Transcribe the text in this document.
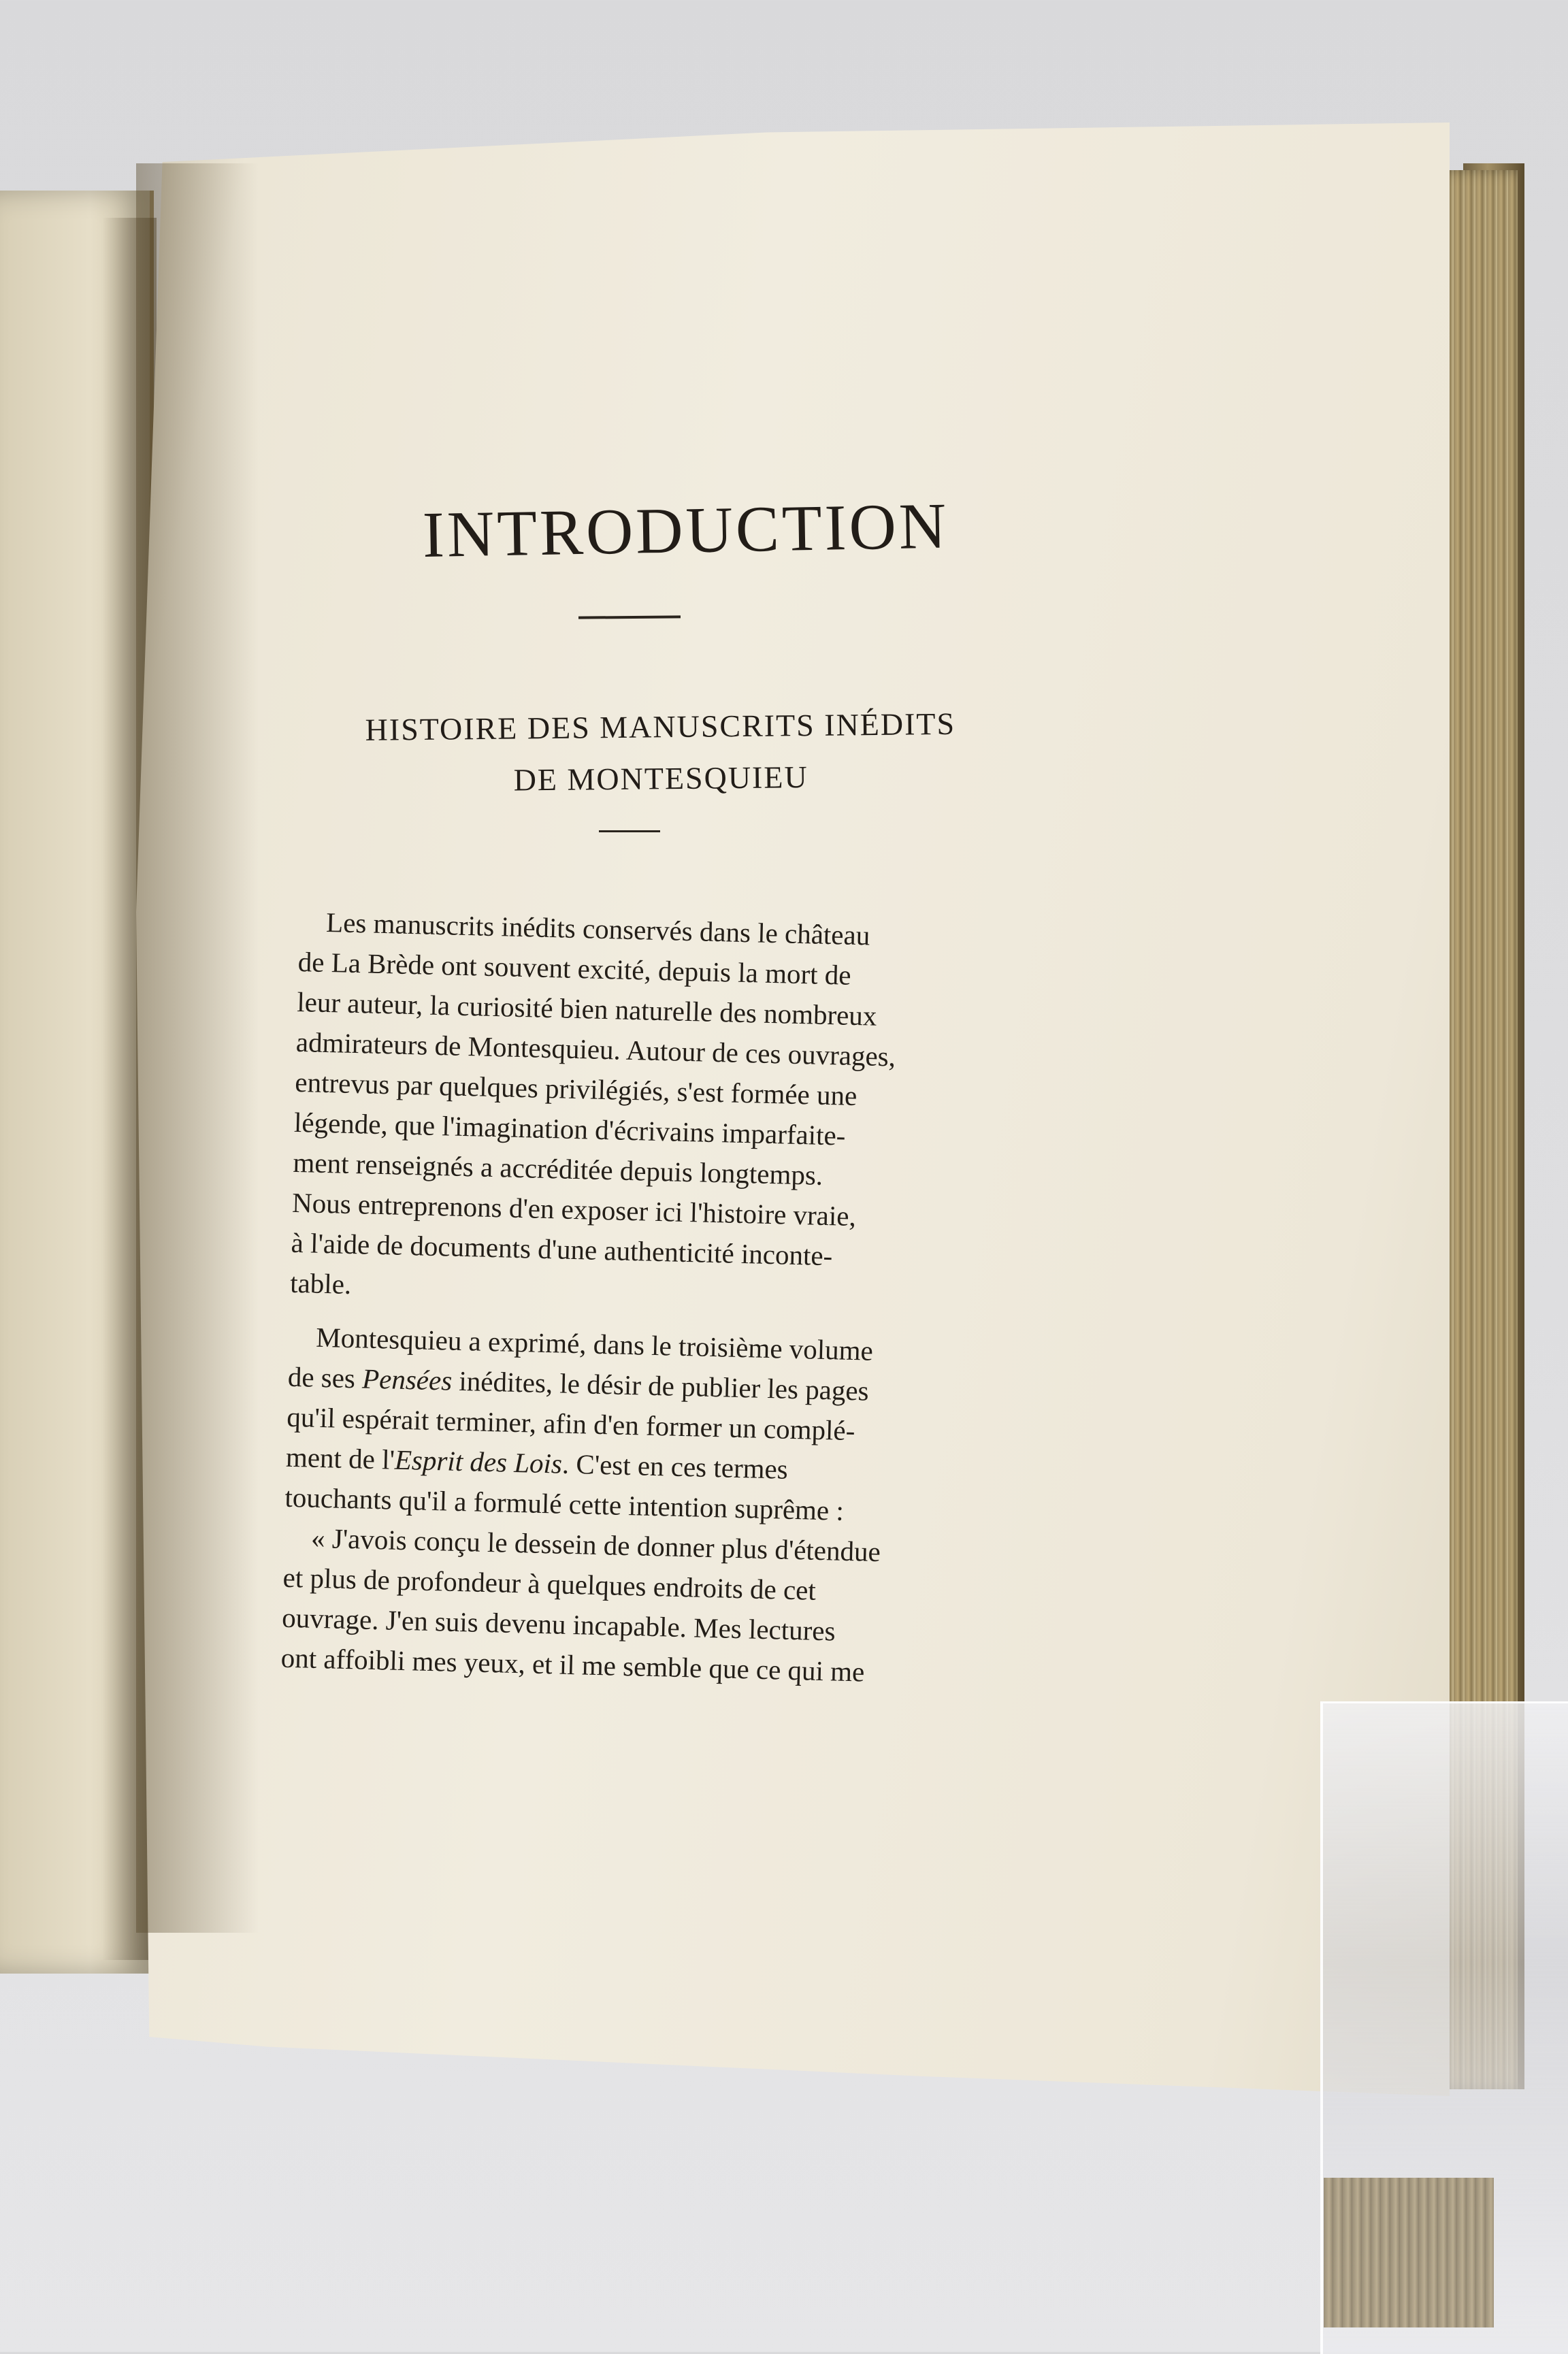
INTRODUCTION
HISTOIRE DES MANUSCRITS INÉDITS
DE MONTESQUIEU

Les manuscrits inédits conservés dans le château
de La Brède ont souvent excité, depuis la mort de
leur auteur, la curiosité bien naturelle des nombreux
admirateurs de Montesquieu. Autour de ces ouvrages,
entrevus par quelques privilégiés, s'est formée une
légende, que l'imagination d'écrivains imparfaite-
ment renseignés a accréditée depuis longtemps.
Nous entreprenons d'en exposer ici l'histoire vraie,
à l'aide de documents d'une authenticité inconte-
table.

Montesquieu a exprimé, dans le troisième volume
de ses Pensées inédites, le désir de publier les pages
qu'il espérait terminer, afin d'en former un complé-
ment de l'Esprit des Lois. C'est en ces termes
touchants qu'il a formulé cette intention suprême :

« J'avois conçu le dessein de donner plus d'étendue
et plus de profondeur à quelques endroits de cet
ouvrage. J'en suis devenu incapable. Mes lectures
ont affoibli mes yeux, et il me semble que ce qui me
